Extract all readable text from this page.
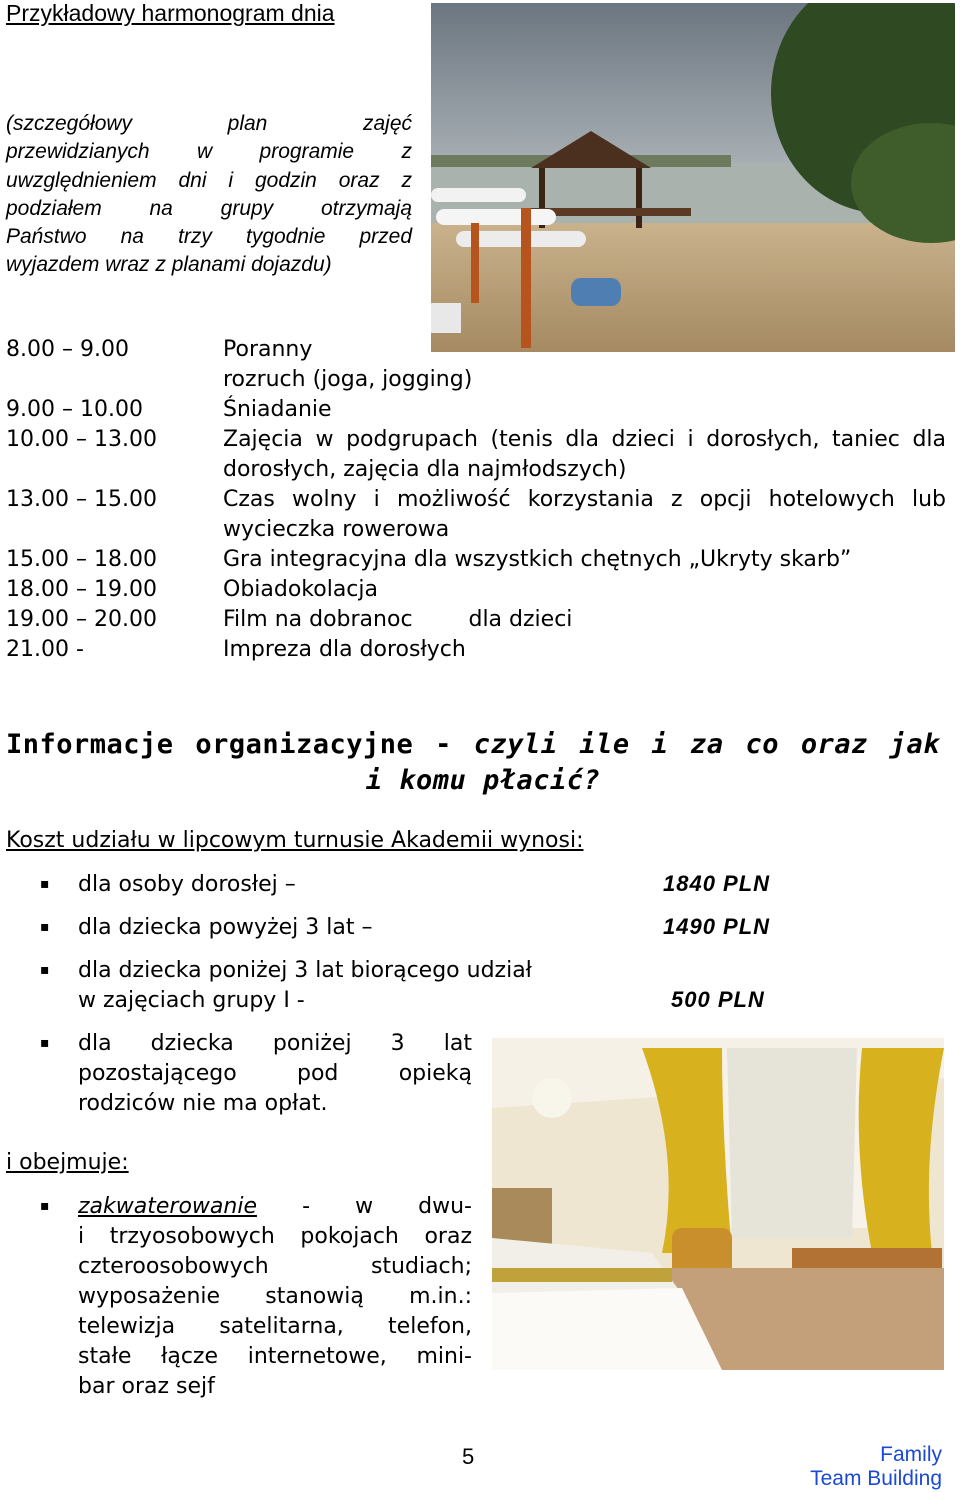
Przykładowy harmonogram dnia
(szczegółowy plan zajęć
przewidzianych w programie z
uwzględnieniem dni i godzin oraz z
podziałem na grupy otrzymają
Państwo na trzy tygodnie przed
wyjazdem wraz z planami dojazdu)
8.00 – 9.00	Poranny
rozruch (joga, jogging)
9.00 – 10.00	Śniadanie
10.00 – 13.00	Zajęcia w podgrupach (tenis dla dzieci i dorosłych, taniec dla dorosłych, zajęcia dla najmłodszych)
13.00 – 15.00	Czas wolny i możliwość korzystania z opcji hotelowych lub wycieczka rowerowa
15.00 – 18.00	Gra integracyjna dla wszystkich chętnych „Ukryty skarb”
18.00 – 19.00	Obiadokolacja
19.00 – 20.00	Film na dobranoc        dla dzieci
21.00 -	Impreza dla dorosłych
Informacje organizacyjne - czyli ile i za co oraz jak
i komu płacić?
Koszt udziału w lipcowym turnusie Akademii wynosi:
▪ dla osoby dorosłej –	1840 PLN
▪ dla dziecka powyżej 3 lat –	1490 PLN
▪ dla dziecka poniżej 3 lat biorącego udział
w zajęciach grupy I -	500 PLN
▪ dla dziecka poniżej 3 lat
pozostającego pod opieką
rodziców nie ma opłat.
i obejmuje:
▪ zakwaterowanie - w dwu-
i trzyosobowych pokojach oraz
czteroosobowych studiach;
wyposażenie stanowią m.in.:
telewizja satelitarna, telefon,
stałe łącze internetowe, mini-
bar oraz sejf
5	Family
Team Building
